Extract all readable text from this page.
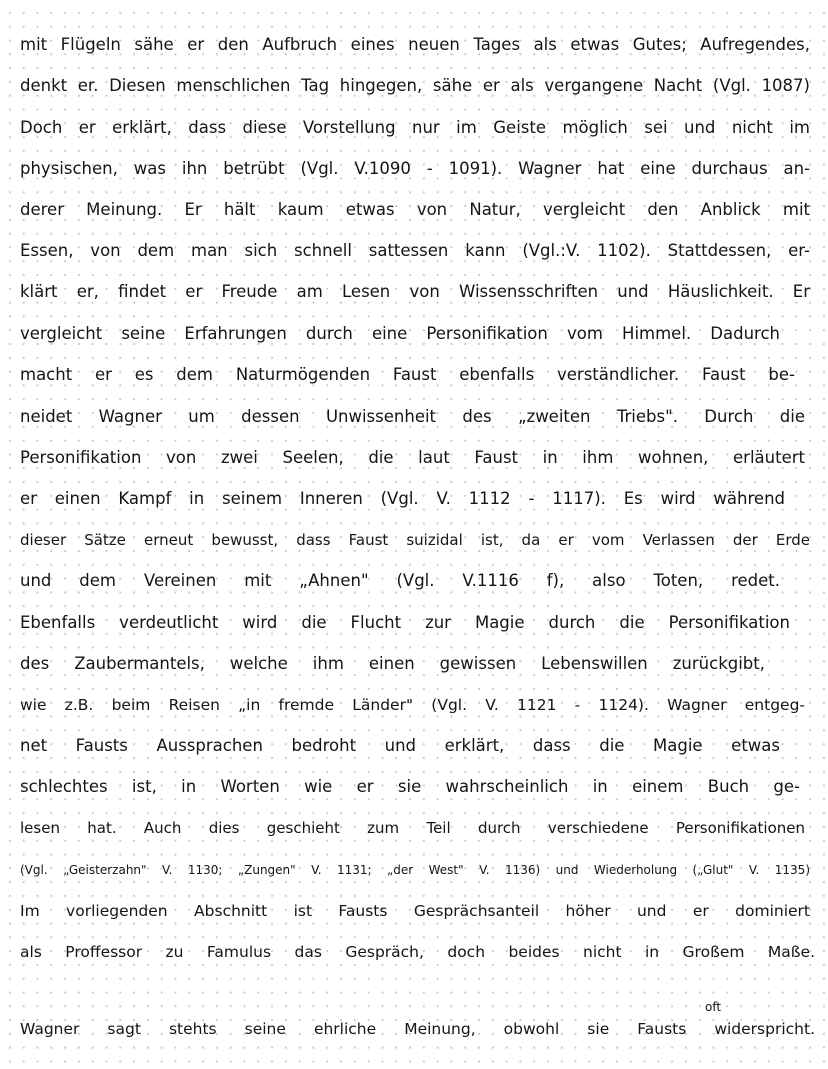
mit Flügeln sähe er den Aufbruch eines neuen Tages als etwas Gutes; Aufregendes,
denkt er. Diesen menschlichen Tag hingegen, sähe er als vergangene Nacht (Vgl. 1087)
Doch er erklärt, dass diese Vorstellung nur im Geiste möglich sei und nicht im
physischen, was ihn betrübt (Vgl. V.1090 - 1091). Wagner hat eine durchaus an-
derer Meinung. Er hält kaum etwas von Natur, vergleicht den Anblick mit
Essen, von dem man sich schnell sattessen kann (Vgl.:V. 1102). Stattdessen, er-
klärt er, findet er Freude am Lesen von Wissensschriften und Häuslichkeit. Er
vergleicht seine Erfahrungen durch eine Personifikation vom Himmel. Dadurch
macht er es dem Naturmögenden Faust ebenfalls verständlicher. Faust be-
neidet Wagner um dessen Unwissenheit des „zweiten Triebs". Durch die
Personifikation von zwei Seelen, die laut Faust in ihm wohnen, erläutert
er einen Kampf in seinem Inneren (Vgl. V. 1112 - 1117). Es wird während
dieser Sätze erneut bewusst, dass Faust suizidal ist, da er vom Verlassen der Erde
und dem Vereinen mit „Ahnen" (Vgl. V.1116 f), also Toten, redet.
Ebenfalls verdeutlicht wird die Flucht zur Magie durch die Personifikation
des Zaubermantels, welche ihm einen gewissen Lebenswillen zurückgibt,
wie z.B. beim Reisen „in fremde Länder" (Vgl. V. 1121 - 1124). Wagner entgeg-
net Fausts Aussprachen bedroht und erklärt, dass die Magie etwas
schlechtes ist, in Worten wie er sie wahrscheinlich in einem Buch ge-
lesen hat. Auch dies geschieht zum Teil durch verschiedene Personifikationen
(Vgl. „Geisterzahn" V. 1130; „Zungen" V. 1131; „der West" V. 1136) und Wiederholung („Glut" V. 1135)
Im vorliegenden Abschnitt ist Fausts Gesprächsanteil höher und er dominiert
als Proffessor zu Famulus das Gespräch, doch beides nicht in Großem Maße.
oft
Wagner sagt stehts seine ehrliche Meinung, obwohl sie Fausts widerspricht.
